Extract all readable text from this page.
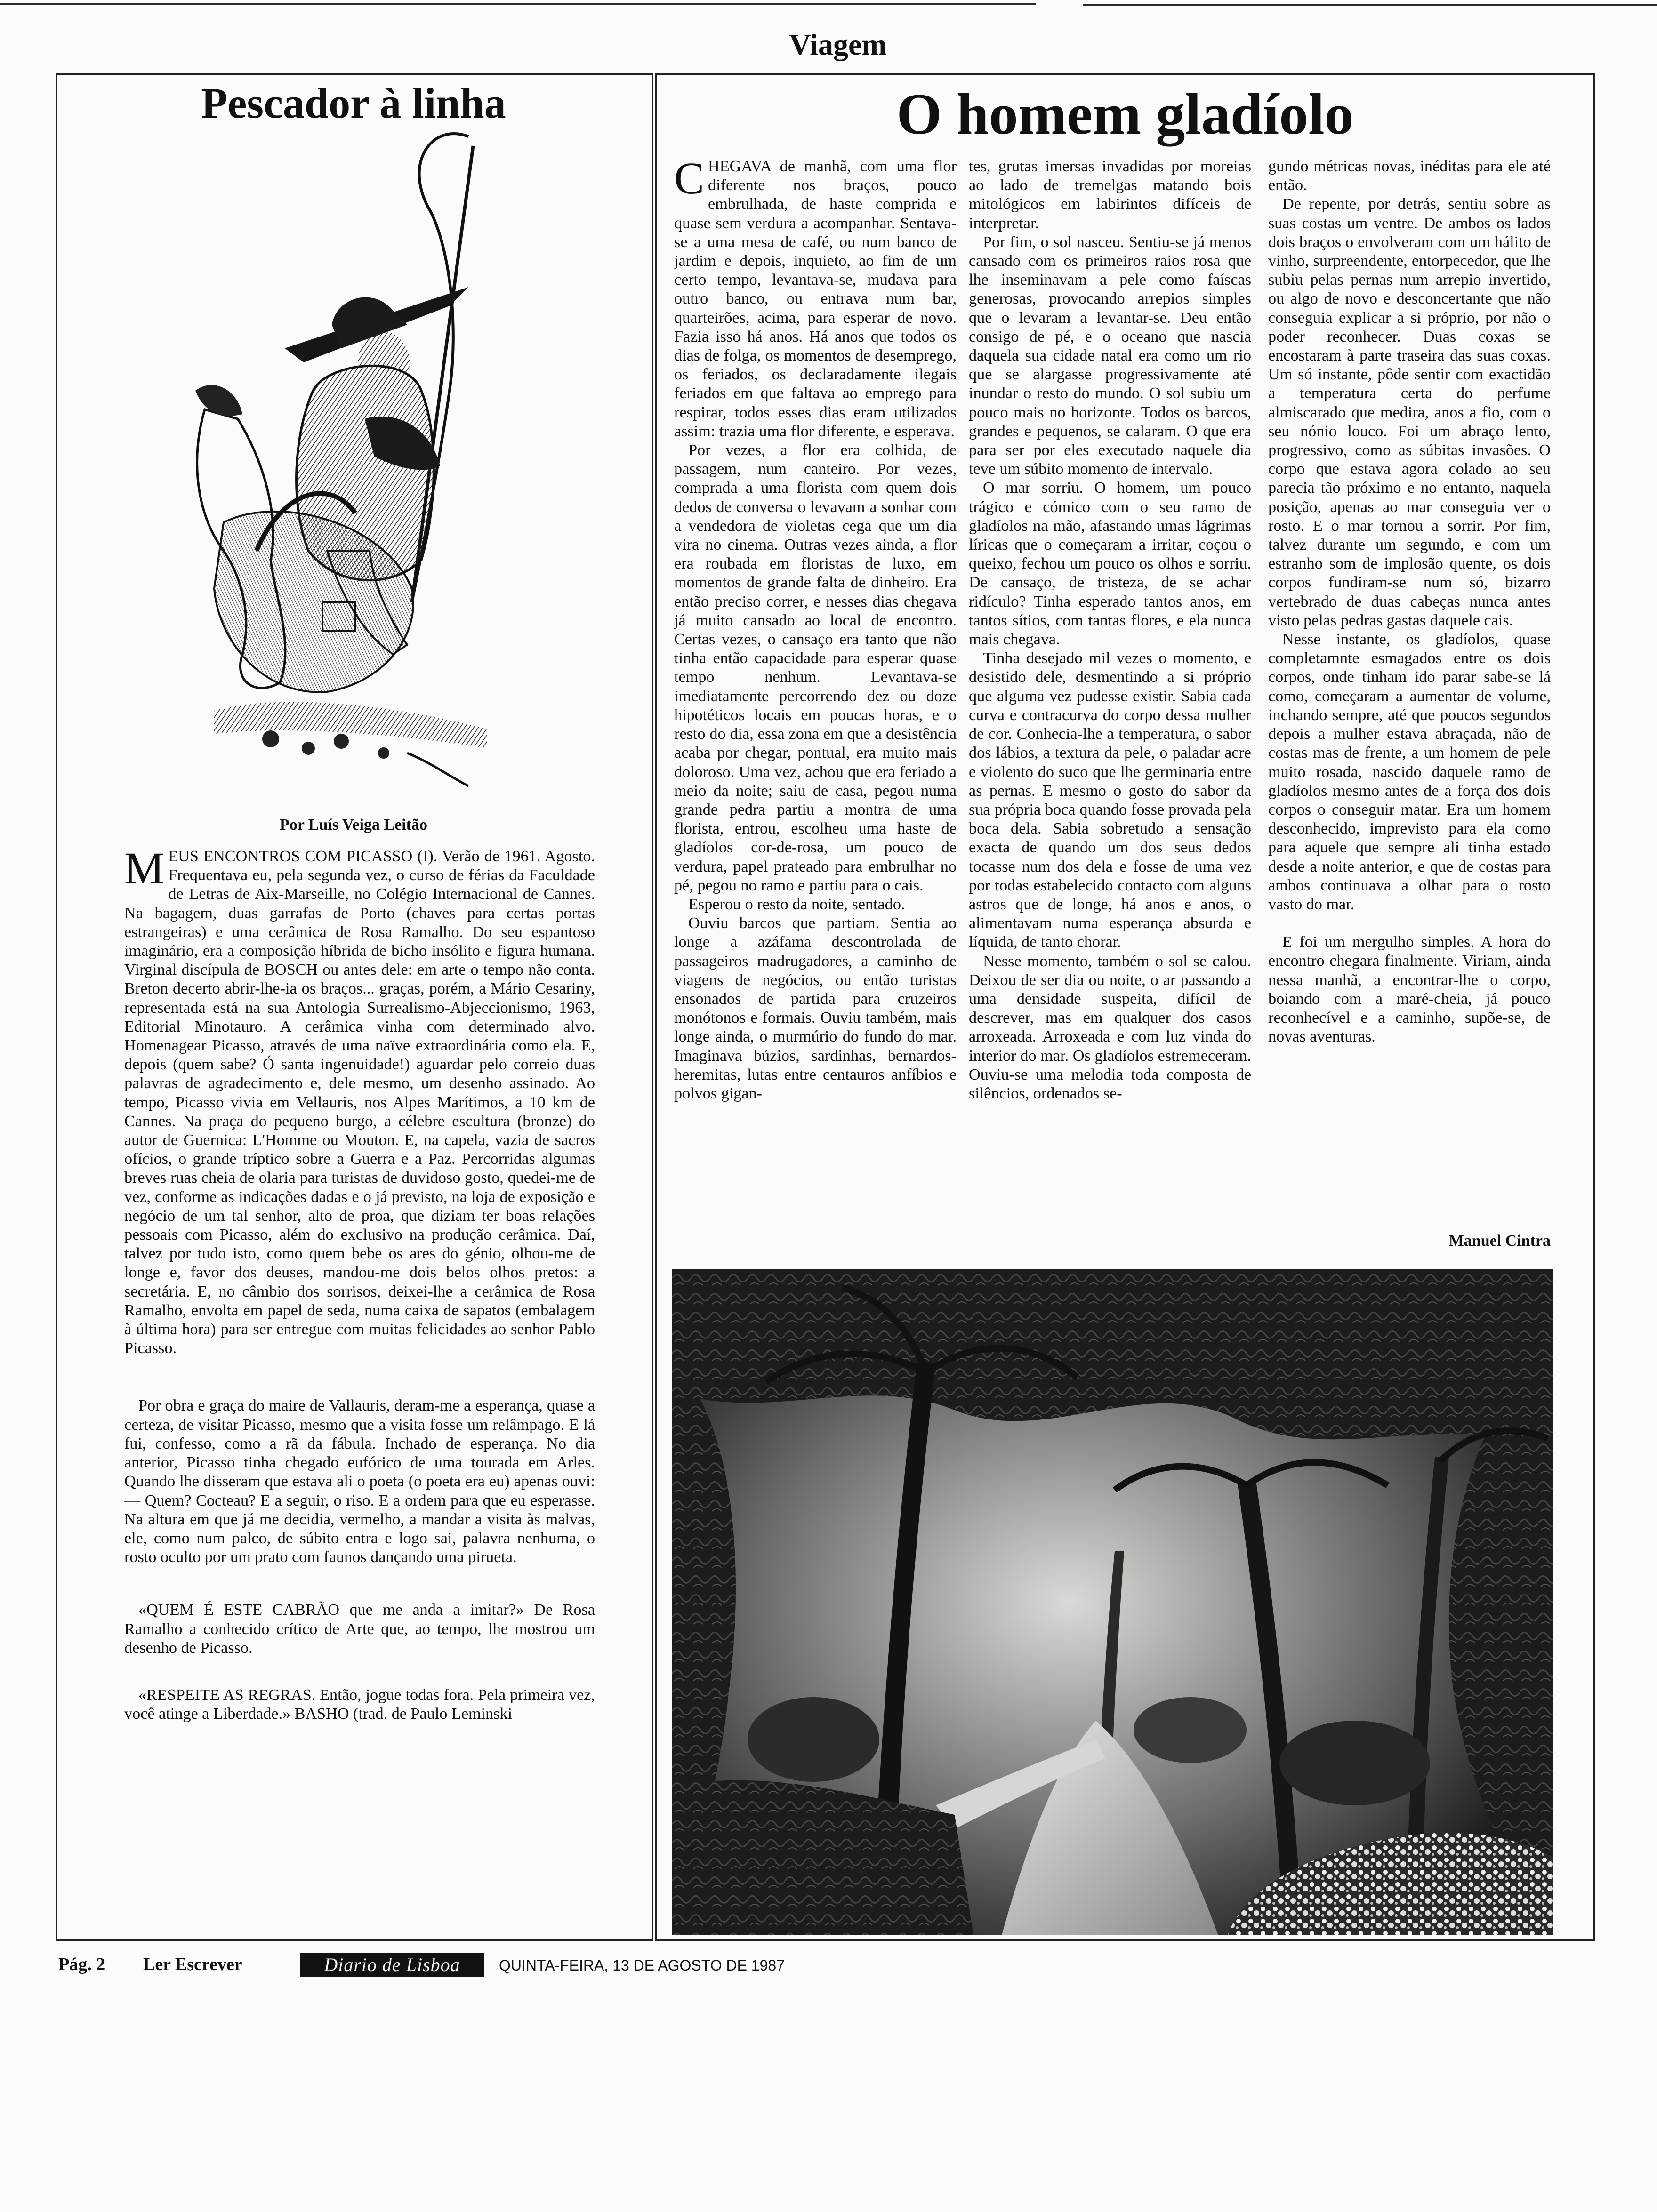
Viagem
Pescador à linha
Por Luís Veiga Leitão

MEUS ENCONTROS COM PICASSO (I). Verão de 1961. Agosto. Frequentava eu, pela segunda vez, o curso de férias da Faculdade de Letras de Aix-Marseille, no Colégio Internacional de Cannes. Na bagagem, duas garrafas de Porto (chaves para certas portas estrangeiras) e uma cerâmica de Rosa Ramalho. Do seu espantoso imaginário, era a composição híbrida de bicho insólito e figura humana. Virginal discípula de BOSCH ou antes dele: em arte o tempo não conta. Breton decerto abrir-lhe-ia os braços... graças, porém, a Mário Cesariny, representada está na sua Antologia Surrealismo-Abjeccionismo, 1963, Editorial Minotauro. A cerâmica vinha com determinado alvo. Homenagear Picasso, através de uma naïve extraordinária como ela. E, depois (quem sabe? Ó santa ingenuidade!) aguardar pelo correio duas palavras de agradecimento e, dele mesmo, um desenho assinado. Ao tempo, Picasso vivia em Vellauris, nos Alpes Marítimos, a 10 km de Cannes. Na praça do pequeno burgo, a célebre escultura (bronze) do autor de Guernica: L'Homme ou Mouton. E, na capela, vazia de sacros ofícios, o grande tríptico sobre a Guerra e a Paz. Percorridas algumas breves ruas cheia de olaria para turistas de duvidoso gosto, quedei-me de vez, conforme as indicações dadas e o já previsto, na loja de exposição e negócio de um tal senhor, alto de proa, que diziam ter boas relações pessoais com Picasso, além do exclusivo na produção cerâmica. Daí, talvez por tudo isto, como quem bebe os ares do génio, olhou-me de longe e, favor dos deuses, mandou-me dois belos olhos pretos: a secretária. E, no câmbio dos sorrisos, deixei-lhe a cerâmica de Rosa Ramalho, envolta em papel de seda, numa caixa de sapatos (embalagem à última hora) para ser entregue com muitas felicidades ao senhor Pablo Picasso.

Por obra e graça do maire de Vallauris, deram-me a esperança, quase a certeza, de visitar Picasso, mesmo que a visita fosse um relâmpago. E lá fui, confesso, como a rã da fábula. Inchado de esperança. No dia anterior, Picasso tinha chegado eufórico de uma tourada em Arles. Quando lhe disseram que estava ali o poeta (o poeta era eu) apenas ouvi: — Quem? Cocteau? E a seguir, o riso. E a ordem para que eu esperasse. Na altura em que já me decidia, vermelho, a mandar a visita às malvas, ele, como num palco, de súbito entra e logo sai, palavra nenhuma, o rosto oculto por um prato com faunos dançando uma pirueta.

«QUEM É ESTE CABRÃO que me anda a imitar?» De Rosa Ramalho a conhecido crítico de Arte que, ao tempo, lhe mostrou um desenho de Picasso.

«RESPEITE AS REGRAS. Então, jogue todas fora. Pela primeira vez, você atinge a Liberdade.» BASHO (trad. de Paulo Leminski

O homem gladíolo

CHEGAVA de manhã, com uma flor diferente nos braços, pouco embrulhada, de haste comprida e quase sem verdura a acompanhar. Sentava-se a uma mesa de café, ou num banco de jardim e depois, inquieto, ao fim de um certo tempo, levantava-se, mudava para outro banco, ou entrava num bar, quarteirões, acima, para esperar de novo. Fazia isso há anos. Há anos que todos os dias de folga, os momentos de desemprego, os feriados, os declaradamente ilegais feriados em que faltava ao emprego para respirar, todos esses dias eram utilizados assim: trazia uma flor diferente, e esperava.

Por vezes, a flor era colhida, de passagem, num canteiro. Por vezes, comprada a uma florista com quem dois dedos de conversa o levavam a sonhar com a vendedora de violetas cega que um dia vira no cinema. Outras vezes ainda, a flor era roubada em floristas de luxo, em momentos de grande falta de dinheiro. Era então preciso correr, e nesses dias chegava já muito cansado ao local de encontro. Certas vezes, o cansaço era tanto que não tinha então capacidade para esperar quase tempo nenhum. Levantava-se imediatamente percorrendo dez ou doze hipotéticos locais em poucas horas, e o resto do dia, essa zona em que a desistência acaba por chegar, pontual, era muito mais doloroso. Uma vez, achou que era feriado a meio da noite; saiu de casa, pegou numa grande pedra partiu a montra de uma florista, entrou, escolheu uma haste de gladíolos cor-de-rosa, um pouco de verdura, papel prateado para embrulhar no pé, pegou no ramo e partiu para o cais.

Esperou o resto da noite, sentado.

Ouviu barcos que partiam. Sentia ao longe a azáfama descontrolada de passageiros madrugadores, a caminho de viagens de negócios, ou então turistas ensonados de partida para cruzeiros monótonos e formais. Ouviu também, mais longe ainda, o murmúrio do fundo do mar. Imaginava búzios, sardinhas, bernardos-heremitas, lutas entre centauros anfíbios e polvos gigan-

tes, grutas imersas invadidas por moreias ao lado de tremelgas matando bois mitológicos em labirintos difíceis de interpretar.

Por fim, o sol nasceu. Sentiu-se já menos cansado com os primeiros raios rosa que lhe inseminavam a pele como faíscas generosas, provocando arrepios simples que o levaram a levantar-se. Deu então consigo de pé, e o oceano que nascia daquela sua cidade natal era como um rio que se alargasse progressivamente até inundar o resto do mundo. O sol subiu um pouco mais no horizonte. Todos os barcos, grandes e pequenos, se calaram. O que era para ser por eles executado naquele dia teve um súbito momento de intervalo.

O mar sorriu. O homem, um pouco trágico e cómico com o seu ramo de gladíolos na mão, afastando umas lágrimas líricas que o começaram a irritar, coçou o queixo, fechou um pouco os olhos e sorriu. De cansaço, de tristeza, de se achar ridículo? Tinha esperado tantos anos, em tantos sítios, com tantas flores, e ela nunca mais chegava.

Tinha desejado mil vezes o momento, e desistido dele, desmentindo a si próprio que alguma vez pudesse existir. Sabia cada curva e contracurva do corpo dessa mulher de cor. Conhecia-lhe a temperatura, o sabor dos lábios, a textura da pele, o paladar acre e violento do suco que lhe germinaria entre as pernas. E mesmo o gosto do sabor da sua própria boca quando fosse provada pela boca dela. Sabia sobretudo a sensação exacta de quando um dos seus dedos tocasse num dos dela e fosse de uma vez por todas estabelecido contacto com alguns astros que de longe, há anos e anos, o alimentavam numa esperança absurda e líquida, de tanto chorar.

Nesse momento, também o sol se calou. Deixou de ser dia ou noite, o ar passando a uma densidade suspeita, difícil de descrever, mas em qualquer dos casos arroxeada. Arroxeada e com luz vinda do interior do mar. Os gladíolos estremeceram. Ouviu-se uma melodia toda composta de silêncios, ordenados se-

gundo métricas novas, inéditas para ele até então.

De repente, por detrás, sentiu sobre as suas costas um ventre. De ambos os lados dois braços o envolveram com um hálito de vinho, surpreendente, entorpecedor, que lhe subiu pelas pernas num arrepio invertido, ou algo de novo e desconcertante que não conseguia explicar a si próprio, por não o poder reconhecer. Duas coxas se encostaram à parte traseira das suas coxas. Um só instante, pôde sentir com exactidão a temperatura certa do perfume almiscarado que medira, anos a fio, com o seu nónio louco. Foi um abraço lento, progressivo, como as súbitas invasões. O corpo que estava agora colado ao seu parecia tão próximo e no entanto, naquela posição, apenas ao mar conseguia ver o rosto. E o mar tornou a sorrir. Por fim, talvez durante um segundo, e com um estranho som de implosão quente, os dois corpos fundiram-se num só, bizarro vertebrado de duas cabeças nunca antes visto pelas pedras gastas daquele cais.

Nesse instante, os gladíolos, quase completamnte esmagados entre os dois corpos, onde tinham ido parar sabe-se lá como, começaram a aumentar de volume, inchando sempre, até que poucos segundos depois a mulher estava abraçada, não de costas mas de frente, a um homem de pele muito rosada, nascido daquele ramo de gladíolos mesmo antes de a força dos dois corpos o conseguir matar. Era um homem desconhecido, imprevisto para ela como para aquele que sempre ali tinha estado desde a noite anterior, e que de costas para ambos continuava a olhar para o rosto vasto do mar.

E foi um mergulho simples. A hora do encontro chegara finalmente. Viriam, ainda nessa manhã, a encontrar-lhe o corpo, boiando com a maré-cheia, já pouco reconhecível e a caminho, supõe-se, de novas aventuras.

Manuel Cintra
Pág. 2 Ler Escrever	Diario de Lisboa	QUINTA-FEIRA, 13 DE AGOSTO DE 1987
